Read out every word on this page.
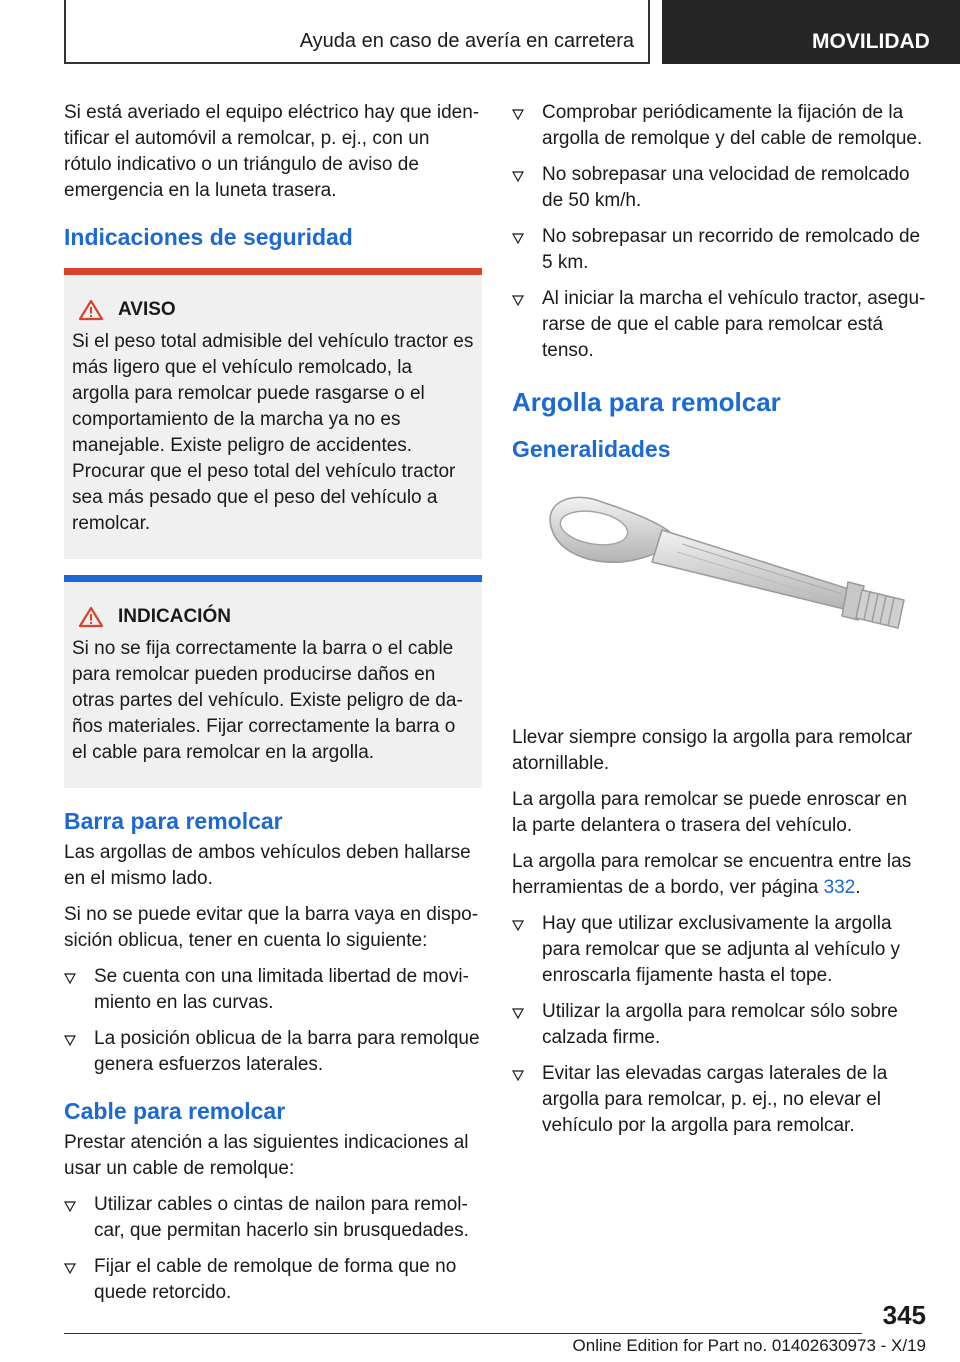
Ayuda en caso de avería en carretera	MOVILIDAD

Si está averiado el equipo eléctrico hay que identificar el automóvil a remolcar, p. ej., con un rótulo indicativo o un triángulo de aviso de emergencia en la luneta trasera.

Indicaciones de seguridad
AVISO

Si el peso total admisible del vehículo tractor es más ligero que el vehículo remolcado, la argolla para remolcar puede rasgarse o el comportamiento de la marcha ya no es manejable. Existe peligro de accidentes. Procurar que el peso total del vehículo tractor sea más pesado que el peso del vehículo a remolcar.

INDICACIÓN

Si no se fija correctamente la barra o el cable para remolcar pueden producirse daños en otras partes del vehículo. Existe peligro de daños materiales. Fijar correctamente la barra o el cable para remolcar en la argolla.

Barra para remolcar

Las argollas de ambos vehículos deben hallarse en el mismo lado.

Si no se puede evitar que la barra vaya en disposición oblicua, tener en cuenta lo siguiente:

Se cuenta con una limitada libertad de movimiento en las curvas.
La posición oblicua de la barra para remolque genera esfuerzos laterales.
Cable para remolcar

Prestar atención a las siguientes indicaciones al usar un cable de remolque:

Utilizar cables o cintas de nailon para remolcar, que permitan hacerlo sin brusquedades.
Fijar el cable de remolque de forma que no quede retorcido.
Comprobar periódicamente la fijación de la argolla de remolque y del cable de remolque.
No sobrepasar una velocidad de remolcado de 50 km/h.
No sobrepasar un recorrido de remolcado de 5 km.
Al iniciar la marcha el vehículo tractor, asegurarse de que el cable para remolcar está tenso.
Argolla para remolcar
Generalidades

Llevar siempre consigo la argolla para remolcar atornillable.

La argolla para remolcar se puede enroscar en la parte delantera o trasera del vehículo.

La argolla para remolcar se encuentra entre las herramientas de a bordo, ver página 332.

Hay que utilizar exclusivamente la argolla para remolcar que se adjunta al vehículo y enroscarla fijamente hasta el tope.
Utilizar la argolla para remolcar sólo sobre calzada firme.
Evitar las elevadas cargas laterales de la argolla para remolcar, p. ej., no elevar el vehículo por la argolla para remolcar.
345
Online Edition for Part no. 01402630973 - X/19
